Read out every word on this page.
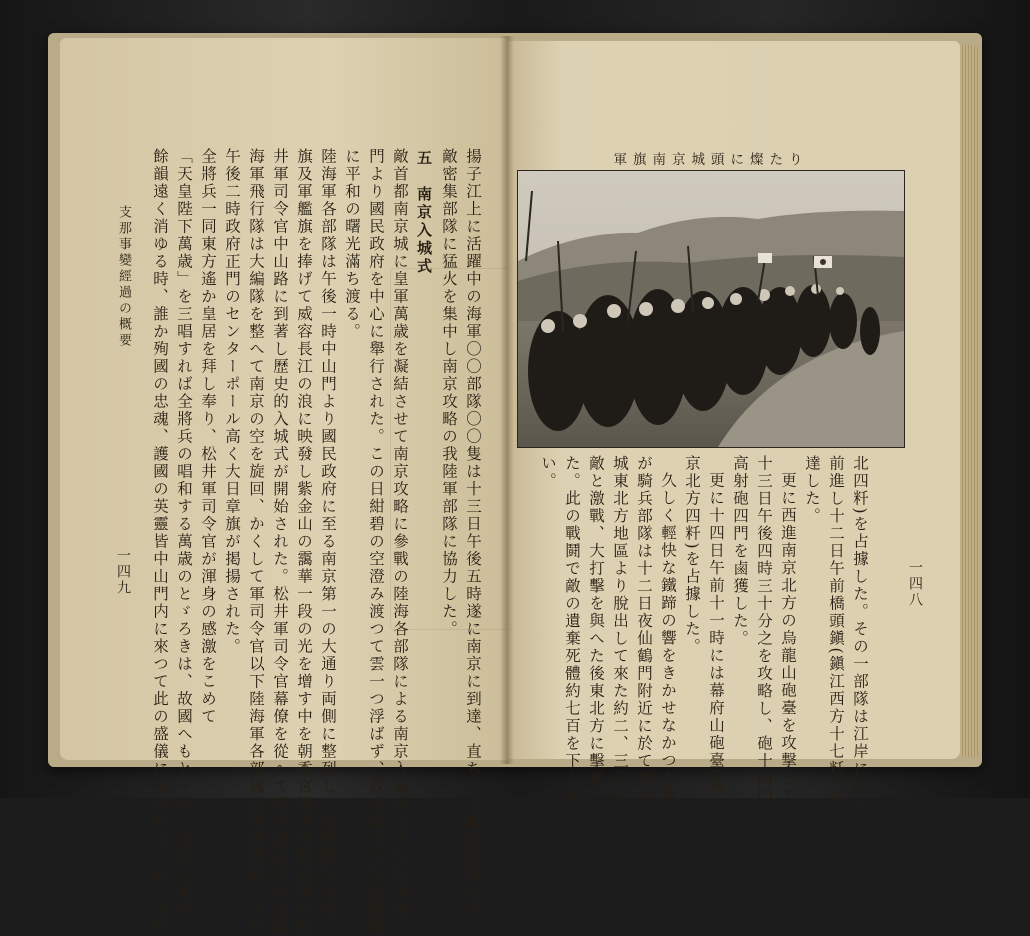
支那事變經過の概要
一四九	揚子江上に活躍中の海軍〇〇部隊〇〇隻は十三日午後五時遂に南京に到達、直ちに下關碼頭附近の
敵密集部隊に猛火を集中し南京攻略の我陸軍部隊に協力した。
五　南京入城式
敵首都南京城に皇軍萬歳を凝結させて南京攻略に參戰の陸海各部隊による南京入城式は十七日中山
門より國民政府を中心に舉行された。この日紺碧の空澄み渡つて雲一つ浮ばず、鉄火收まつた新戰場
に平和の曙光滿ち渡る。
陸海軍各部隊は午後一時中山門より國民政府に至る南京第一の大通り両側に整列し、光輝燦たる軍
旗及軍艦旗を捧げて威容長江の浪に映發し紫金山の靄華一段の光を增す中を朝香宮殿下を始め奉り松
井軍司令官中山路に到著し歷史的入城式が開始された。松井軍司令官幕僚を從へて堂々閲兵すれば陸
海軍飛行隊は大編隊を整へて南京の空を旋回、かくして軍司令官以下陸海軍各部隊長國民政府に入り
午後二時政府正門のセンターポール高く大日章旗が掲揚された。
全將兵一同東方遙か皇居を拜し奉り、松井軍司令官が渾身の感激をこめて
「天皇陛下萬歳」を三唱すれば全將兵の唱和する萬歳のとゞろきは、故國へもとゞけとばかり此の
餘韻遠く消ゆる時、誰か殉國の忠魂、護國の英靈皆中山門内に來つて此の盛儀に參列せよと心に念ぜ	軍旗南京城頭に燦たり
北四粁)を占據した。その一部隊は江岸に沿ひ
前進し十二日午前橋頭鎭(鎭江西方十七粁)に
達した。
更に西進南京北方の烏龍山砲臺を攻撃して
十三日午後四時三十分之を攻略し、砲十四門
高射砲四門を鹵獲した。
更に十四日午前十一時には幕府山砲臺(南
京北方四粁)を占據した。
久しく輕快な鐵蹄の響をきかせなかつた我
が騎兵部隊は十二日夜仙鶴門附近に於て南京
城東北方地區より脫出して來た約二、三千の
敵と激戰、大打擊を與へた後東北方に擊退し
た。此の戰鬪で敵の遺棄死體約七百を下らな
い。
一四八
